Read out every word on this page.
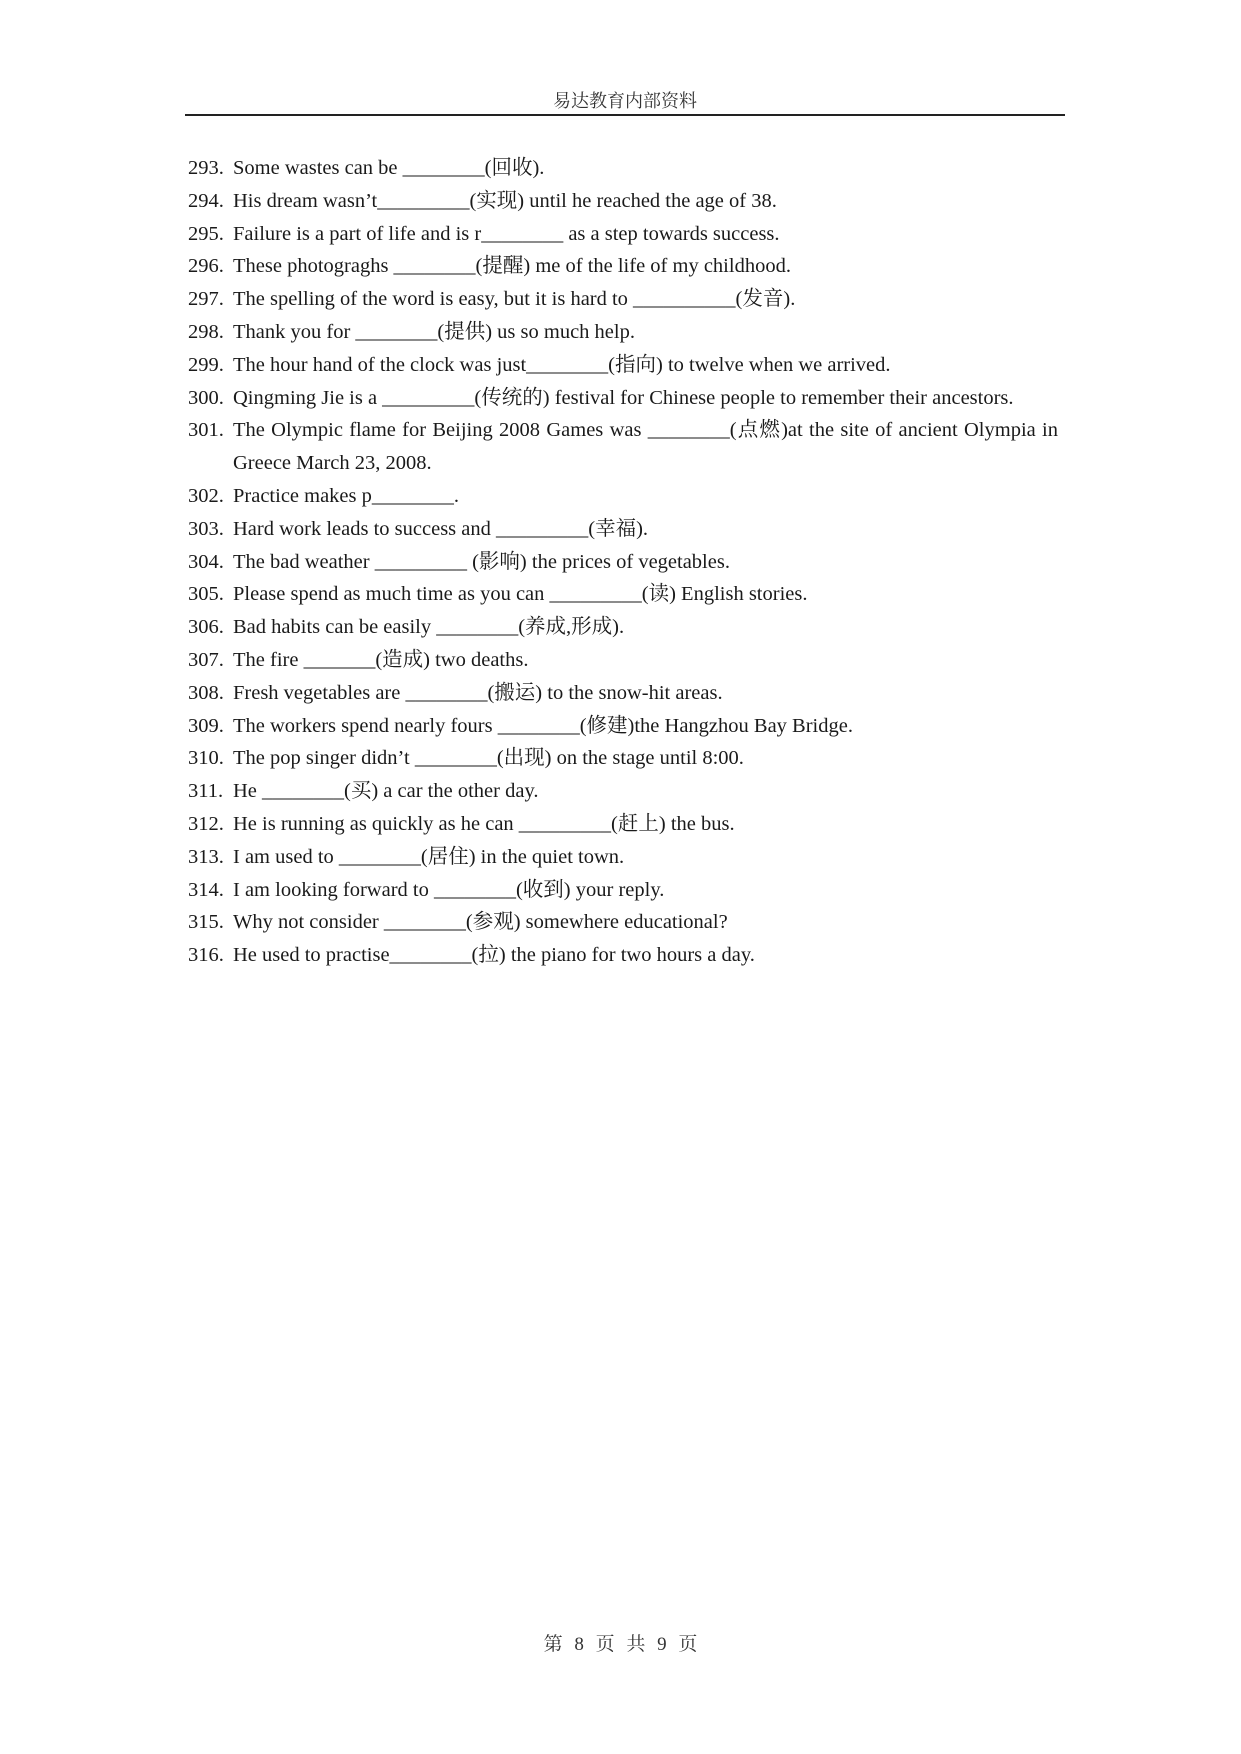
易达教育内部资料
293. Some wastes can be ________(回收).
294. His dream wasn’t_________(实现) until he reached the age of 38.
295. Failure is a part of life and is r________ as a step towards success.
296. These photograghs ________(提醒) me of the life of my childhood.
297. The spelling of the word is easy, but it is hard to __________(发音).
298. Thank you for ________(提供) us so much help.
299. The hour hand of the clock was just________(指向) to twelve when we arrived.
300. Qingming Jie is a _________(传统的) festival for Chinese people to remember their ancestors.
301. The Olympic flame for Beijing 2008 Games was ________(点燃)at the site of ancient Olympia in Greece March 23, 2008.
302. Practice makes p________.
303. Hard work leads to success and _________(幸福).
304. The bad weather _________ (影响) the prices of vegetables.
305. Please spend as much time as you can _________(读) English stories.
306. Bad habits can be easily ________(养成,形成).
307. The fire _______(造成) two deaths.
308. Fresh vegetables are ________(搬运) to the snow-hit areas.
309. The workers spend nearly fours ________(修建)the Hangzhou Bay Bridge.
310. The pop singer didn’t ________(出现) on the stage until 8:00.
311. He ________(买) a car the other day.
312. He is running as quickly as he can _________(赶上) the bus.
313. I am used to ________(居住) in the quiet town.
314. I am looking forward to ________(收到) your reply.
315. Why not consider ________(参观) somewhere educational?
316. He used to practise________(拉) the piano for two hours a day.
第 8 页 共 9 页
